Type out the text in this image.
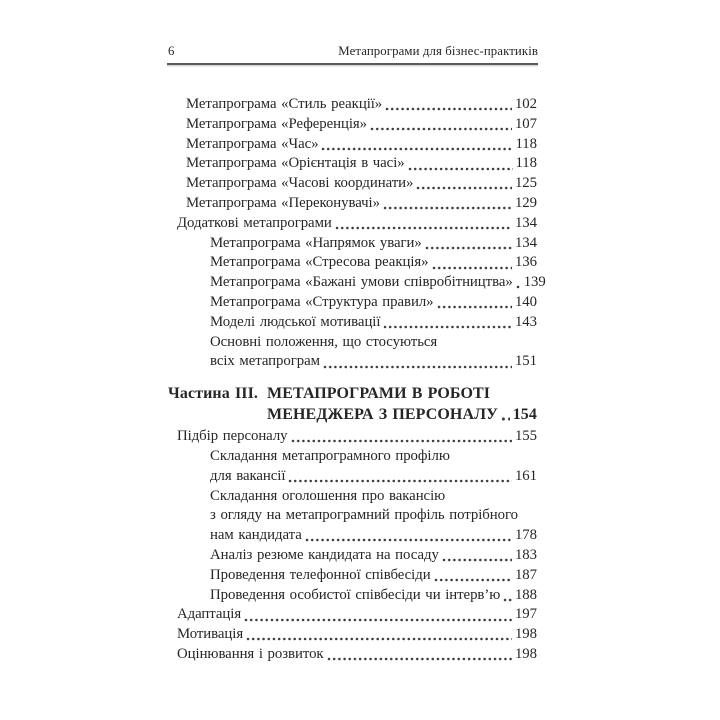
6	Метапрограми для бізнес-практиків
Метапрограма «Стиль реакції»	102
Метапрограма «Референція»	107
Метапрограма «Час»	118
Метапрограма «Орієнтація в часі»	118
Метапрограма «Часові координати»	125
Метапрограма «Переконувачі»	129
Додаткові метапрограми	134
Метапрограма «Напрямок уваги»	134
Метапрограма «Стресова реакція»	136
Метапрограма «Бажані умови співробітництва» 139
Метапрограма «Структура правил»	140
Моделі людської мотивації	143
Основні положення, що стосуються
всіх метапрограм	151
Частина III. МЕТАПРОГРАМИ В РОБОТІ
МЕНЕДЖЕРА З ПЕРСОНАЛУ 154
Підбір персоналу	155
Складання метапрограмного профілю
для вакансії	161
Складання оголошення про вакансію
з огляду на метапрограмний профіль потрібного
нам кандидата	178
Аналіз резюме кандидата на посаду	183
Проведення телефонної співбесіди	187
Проведення особистої співбесіди чи інтерв’ю 188
Адаптація	197
Мотивація	198
Оцінювання і розвиток	198
